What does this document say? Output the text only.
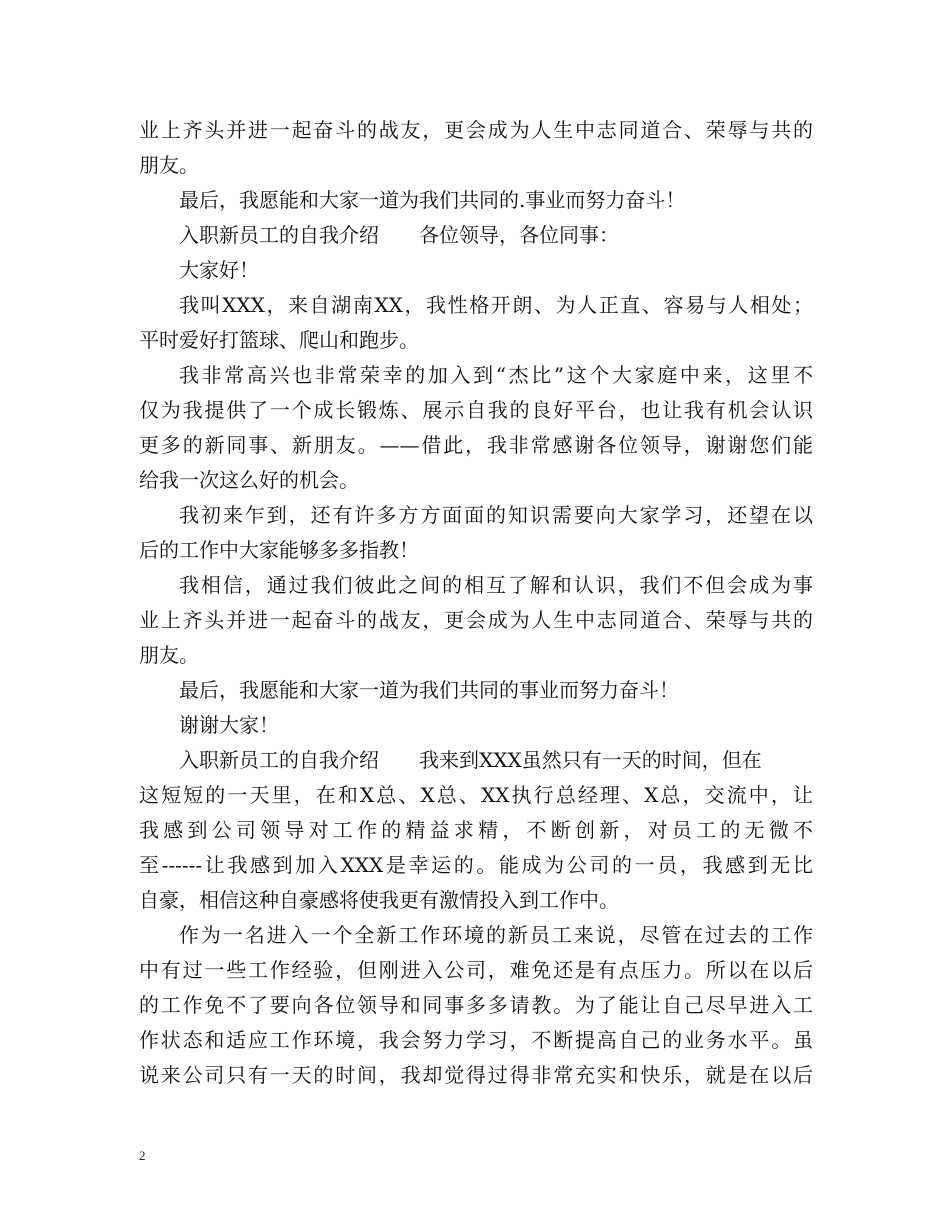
业上齐头并进一起奋斗的战友，更会成为人生中志同道合、荣辱与共的
朋友。
最后，我愿能和大家一道为我们共同的.事业而努力奋斗！
入职新员工的自我介绍 各位领导，各位同事：
大家好！
我叫XXX，来自湖南XX，我性格开朗、为人正直、容易与人相处；
平时爱好打篮球、爬山和跑步。
我非常高兴也非常荣幸的加入到“杰比”这个大家庭中来，这里不
仅为我提供了一个成长锻炼、展示自我的良好平台，也让我有机会认识
更多的新同事、新朋友。——借此，我非常感谢各位领导，谢谢您们能
给我一次这么好的机会。
我初来乍到，还有许多方方面面的知识需要向大家学习，还望在以
后的工作中大家能够多多指教！
我相信，通过我们彼此之间的相互了解和认识，我们不但会成为事
业上齐头并进一起奋斗的战友，更会成为人生中志同道合、荣辱与共的
朋友。
最后，我愿能和大家一道为我们共同的事业而努力奋斗！
谢谢大家！
入职新员工的自我介绍 我来到XXX虽然只有一天的时间，但在
这短短的一天里，在和X总、X总、XX执行总经理、X总，交流中，让
我感到公司领导对工作的精益求精，不断创新，对员工的无微不
至------让我感到加入XXX是幸运的。能成为公司的一员，我感到无比
自豪，相信这种自豪感将使我更有激情投入到工作中。
作为一名进入一个全新工作环境的新员工来说，尽管在过去的工作
中有过一些工作经验，但刚进入公司，难免还是有点压力。所以在以后
的工作免不了要向各位领导和同事多多请教。为了能让自己尽早进入工
作状态和适应工作环境，我会努力学习，不断提高自己的业务水平。虽
说来公司只有一天的时间，我却觉得过得非常充实和快乐，就是在以后
2
